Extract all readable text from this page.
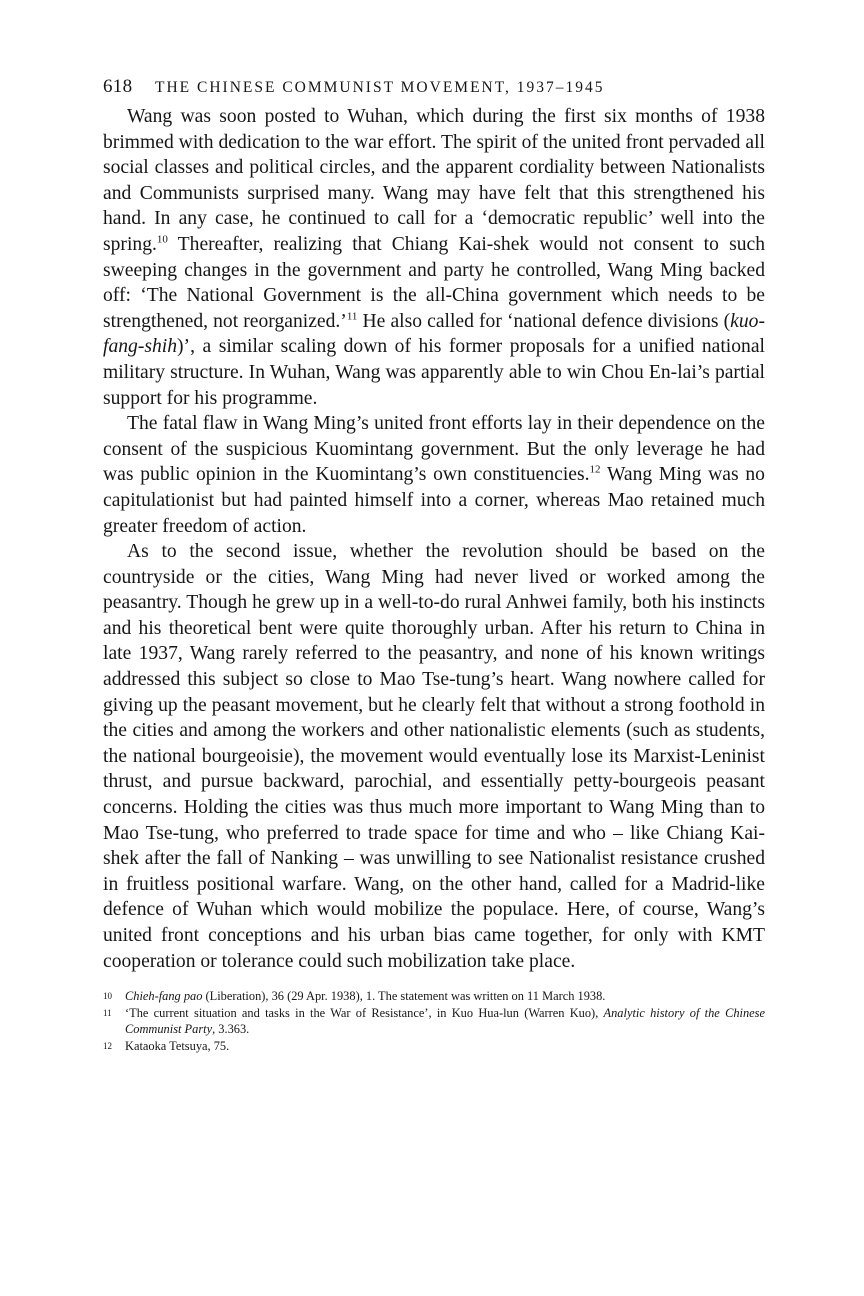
618 THE CHINESE COMMUNIST MOVEMENT, 1937–1945

Wang was soon posted to Wuhan, which during the first six months of 1938 brimmed with dedication to the war effort. The spirit of the united front pervaded all social classes and political circles, and the apparent cordiality between Nationalists and Communists surprised many. Wang may have felt that this strengthened his hand. In any case, he continued to call for a ‘democratic republic’ well into the spring.$^{10}$ Thereafter, realizing that Chiang Kai-shek would not consent to such sweeping changes in the government and party he controlled, Wang Ming backed off: ‘The National Government is the all-China government which needs to be strengthened, not reorganized.’$^{11}$ He also called for ‘national defence divisions (kuo-fang-shih)’, a similar scaling down of his former proposals for a unified national military structure. In Wuhan, Wang was apparently able to win Chou En-lai’s partial support for his programme.

The fatal flaw in Wang Ming’s united front efforts lay in their dependence on the consent of the suspicious Kuomintang government. But the only leverage he had was public opinion in the Kuomintang’s own constituencies.$^{12}$ Wang Ming was no capitulationist but had painted himself into a corner, whereas Mao retained much greater freedom of action.

As to the second issue, whether the revolution should be based on the countryside or the cities, Wang Ming had never lived or worked among the peasantry. Though he grew up in a well-to-do rural Anhwei family, both his instincts and his theoretical bent were quite thoroughly urban. After his return to China in late 1937, Wang rarely referred to the peasantry, and none of his known writings addressed this subject so close to Mao Tse-tung’s heart. Wang nowhere called for giving up the peasant movement, but he clearly felt that without a strong foothold in the cities and among the workers and other nationalistic elements (such as students, the national bourgeoisie), the movement would eventually lose its Marxist-Leninist thrust, and pursue backward, parochial, and essentially petty-bourgeois peasant concerns. Holding the cities was thus much more important to Wang Ming than to Mao Tse-tung, who preferred to trade space for time and who – like Chiang Kai-shek after the fall of Nanking – was unwilling to see Nationalist resistance crushed in fruitless positional warfare. Wang, on the other hand, called for a Madrid-like defence of Wuhan which would mobilize the populace. Here, of course, Wang’s united front conceptions and his urban bias came together, for only with KMT cooperation or tolerance could such mobilization take place.

10 Chieh-fang pao (Liberation), 36 (29 Apr. 1938), 1. The statement was written on 11 March 1938.
11 ‘The current situation and tasks in the War of Resistance’, in Kuo Hua-lun (Warren Kuo), Analytic history of the Chinese Communist Party, 3.363.
12 Kataoka Tetsuya, 75.
